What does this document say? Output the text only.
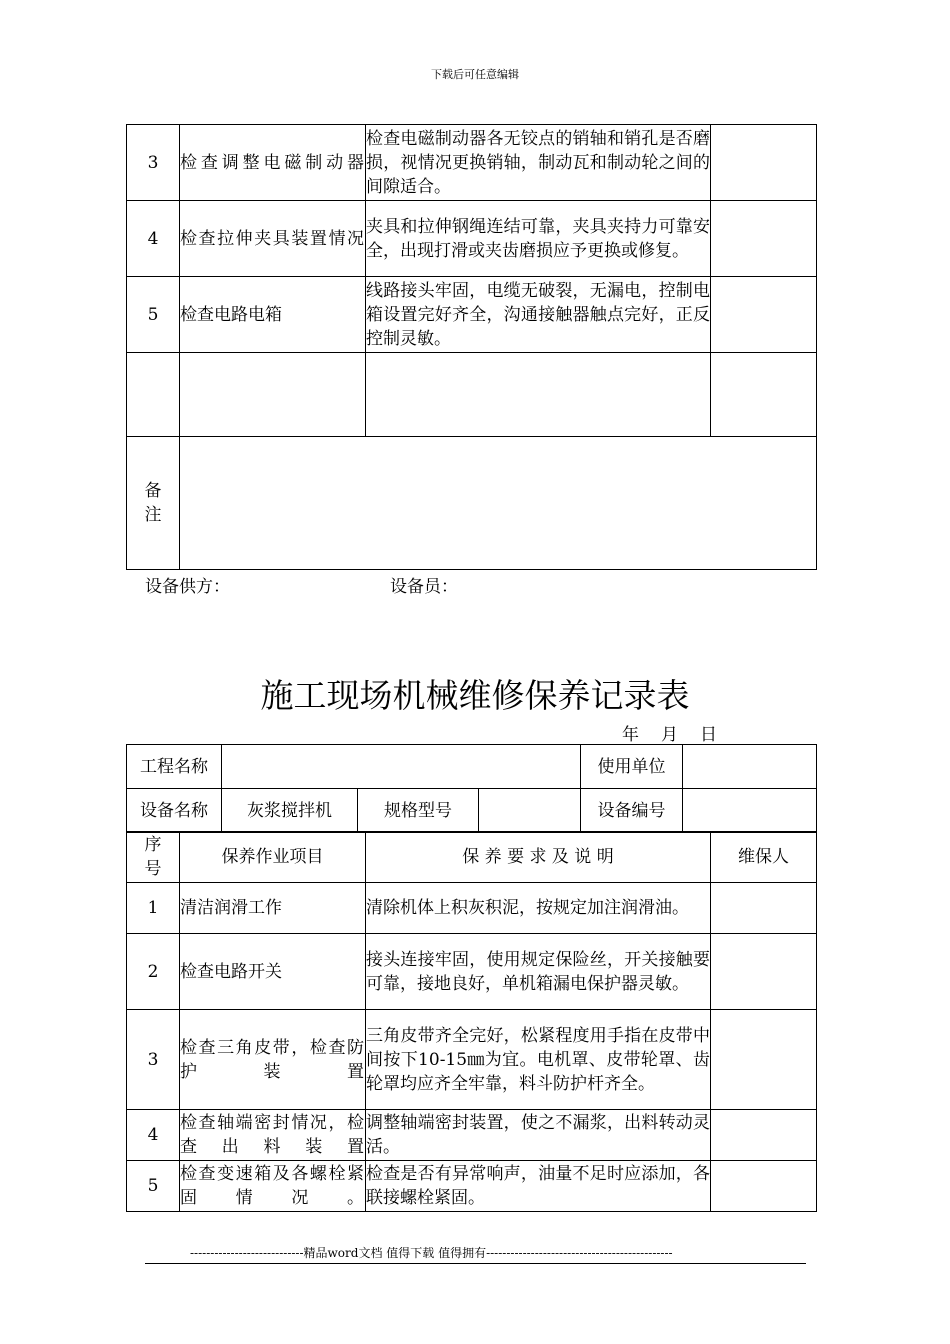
下载后可任意编辑
3	检查调整电磁制动器	检查电磁制动器各无铰点的销轴和销孔是否磨损，视情况更换销轴，制动瓦和制动轮之间的间隙适合。	
4	检查拉伸夹具装置情况	夹具和拉伸钢绳连结可靠，夹具夹持力可靠安全，出现打滑或夹齿磨损应予更换或修复。	
5	检查电路电箱	线路接头牢固，电缆无破裂，无漏电，控制电箱设置完好齐全，沟通接触器触点完好，正反控制灵敏。	

备
注			

设备供方：	设备员：
施工现场机械维修保养记录表
年 月 日
工程名称				使用单位	
设备名称	灰浆搅拌机	规格型号		设备编号	
序
号	保养作业项目	保 养 要 求 及 说 明	维保人
1	清洁润滑工作	清除机体上积灰积泥，按规定加注润滑油。	
2	检查电路开关	接头连接牢固，使用规定保险丝，开关接触要可靠，接地良好，单机箱漏电保护器灵敏。	
3	检查三角皮带，检查防护装置	三角皮带齐全完好，松紧程度用手指在皮带中间按下10-15㎜为宜。电机罩、皮带轮罩、齿轮罩均应齐全牢靠，料斗防护杆齐全。	
4	检查轴端密封情况，检查出料装置	调整轴端密封装置，使之不漏浆，出料转动灵活。	
5	检查变速箱及各螺栓紧固情况。	检查是否有异常响声，油量不足时应添加，各联接螺栓紧固。	
----------------------------精品word文档 值得下载 值得拥有----------------------------------------------
